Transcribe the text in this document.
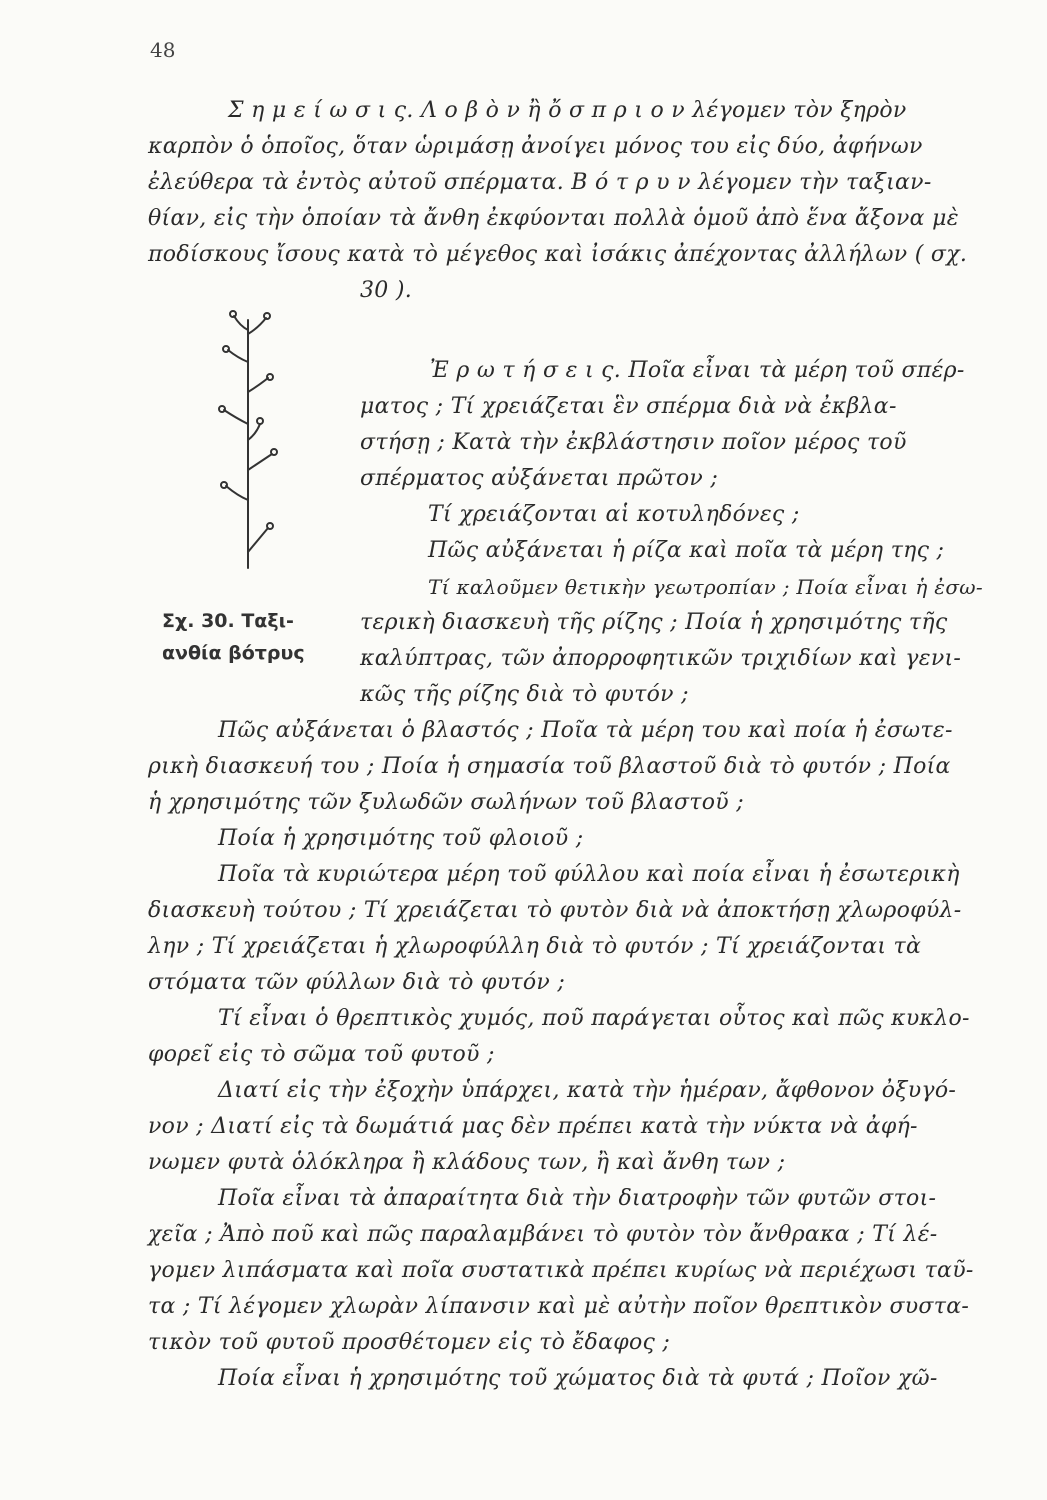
48
Σ η μ ε ί ω σ ι ς. Λ ο β ὸ ν ἢ ὄ σ π ρ ι ο ν λέγομεν τὸν ξηρὸν
καρπὸν ὁ ὁποῖος, ὅταν ὡριμάσῃ ἀνοίγει μόνος του εἰς δύο, ἀφήνων
ἐλεύθερα τὰ ἐντὸς αὐτοῦ σπέρματα. Β ό τ ρ υ ν λέγομεν τὴν ταξιαν-
θίαν, εἰς τὴν ὁποίαν τὰ ἄνθη ἐκφύονται πολλὰ ὁμοῦ ἀπὸ ἕνα ἄξονα μὲ
ποδίσκους ἴσους κατὰ τὸ μέγεθος καὶ ἰσάκις ἀπέχοντας ἀλλήλων ( σχ.
30 ).
Σχ. 30. Ταξι-
ανθία βότρυς
Ἐ ρ ω τ ή σ ε ι ς. Ποῖα εἶναι τὰ μέρη τοῦ σπέρ-
ματος ; Τί χρειάζεται ἓν σπέρμα διὰ νὰ ἐκβλα-
στήσῃ ; Κατὰ τὴν ἐκβλάστησιν ποῖον μέρος τοῦ
σπέρματος αὐξάνεται πρῶτον ;
Τί χρειάζονται αἱ κοτυληδόνες ;
Πῶς αὐξάνεται ἡ ρίζα καὶ ποῖα τὰ μέρη της ;
Τί καλοῦμεν θετικὴν γεωτροπίαν ; Ποία εἶναι ἡ ἐσω-
τερικὴ διασκευὴ τῆς ρίζης ; Ποία ἡ χρησιμότης τῆς
καλύπτρας, τῶν ἀπορροφητικῶν τριχιδίων καὶ γενι-
κῶς τῆς ρίζης διὰ τὸ φυτόν ;
Πῶς αὐξάνεται ὁ βλαστός ; Ποῖα τὰ μέρη του καὶ ποία ἡ ἐσωτε-
ρικὴ διασκευή του ; Ποία ἡ σημασία τοῦ βλαστοῦ διὰ τὸ φυτόν ; Ποία
ἡ χρησιμότης τῶν ξυλωδῶν σωλήνων τοῦ βλαστοῦ ;
Ποία ἡ χρησιμότης τοῦ φλοιοῦ ;
Ποῖα τὰ κυριώτερα μέρη τοῦ φύλλου καὶ ποία εἶναι ἡ ἐσωτερικὴ
διασκευὴ τούτου ; Τί χρειάζεται τὸ φυτὸν διὰ νὰ ἀποκτήσῃ χλωροφύλ-
λην ; Τί χρειάζεται ἡ χλωροφύλλη διὰ τὸ φυτόν ; Τί χρειάζονται τὰ
στόματα τῶν φύλλων διὰ τὸ φυτόν ;
Τί εἶναι ὁ θρεπτικὸς χυμός, ποῦ παράγεται οὗτος καὶ πῶς κυκλο-
φορεῖ εἰς τὸ σῶμα τοῦ φυτοῦ ;
Διατί εἰς τὴν ἐξοχὴν ὑπάρχει, κατὰ τὴν ἡμέραν, ἄφθονον ὀξυγό-
νον ; Διατί εἰς τὰ δωμάτιά μας δὲν πρέπει κατὰ τὴν νύκτα νὰ ἀφή-
νωμεν φυτὰ ὁλόκληρα ἢ κλάδους των, ἢ καὶ ἄνθη των ;
Ποῖα εἶναι τὰ ἀπαραίτητα διὰ τὴν διατροφὴν τῶν φυτῶν στοι-
χεῖα ; Ἀπὸ ποῦ καὶ πῶς παραλαμβάνει τὸ φυτὸν τὸν ἄνθρακα ; Τί λέ-
γομεν λιπάσματα καὶ ποῖα συστατικὰ πρέπει κυρίως νὰ περιέχωσι ταῦ-
τα ; Τί λέγομεν χλωρὰν λίπανσιν καὶ μὲ αὐτὴν ποῖον θρεπτικὸν συστα-
τικὸν τοῦ φυτοῦ προσθέτομεν εἰς τὸ ἔδαφος ;
Ποία εἶναι ἡ χρησιμότης τοῦ χώματος διὰ τὰ φυτά ; Ποῖον χῶ-
